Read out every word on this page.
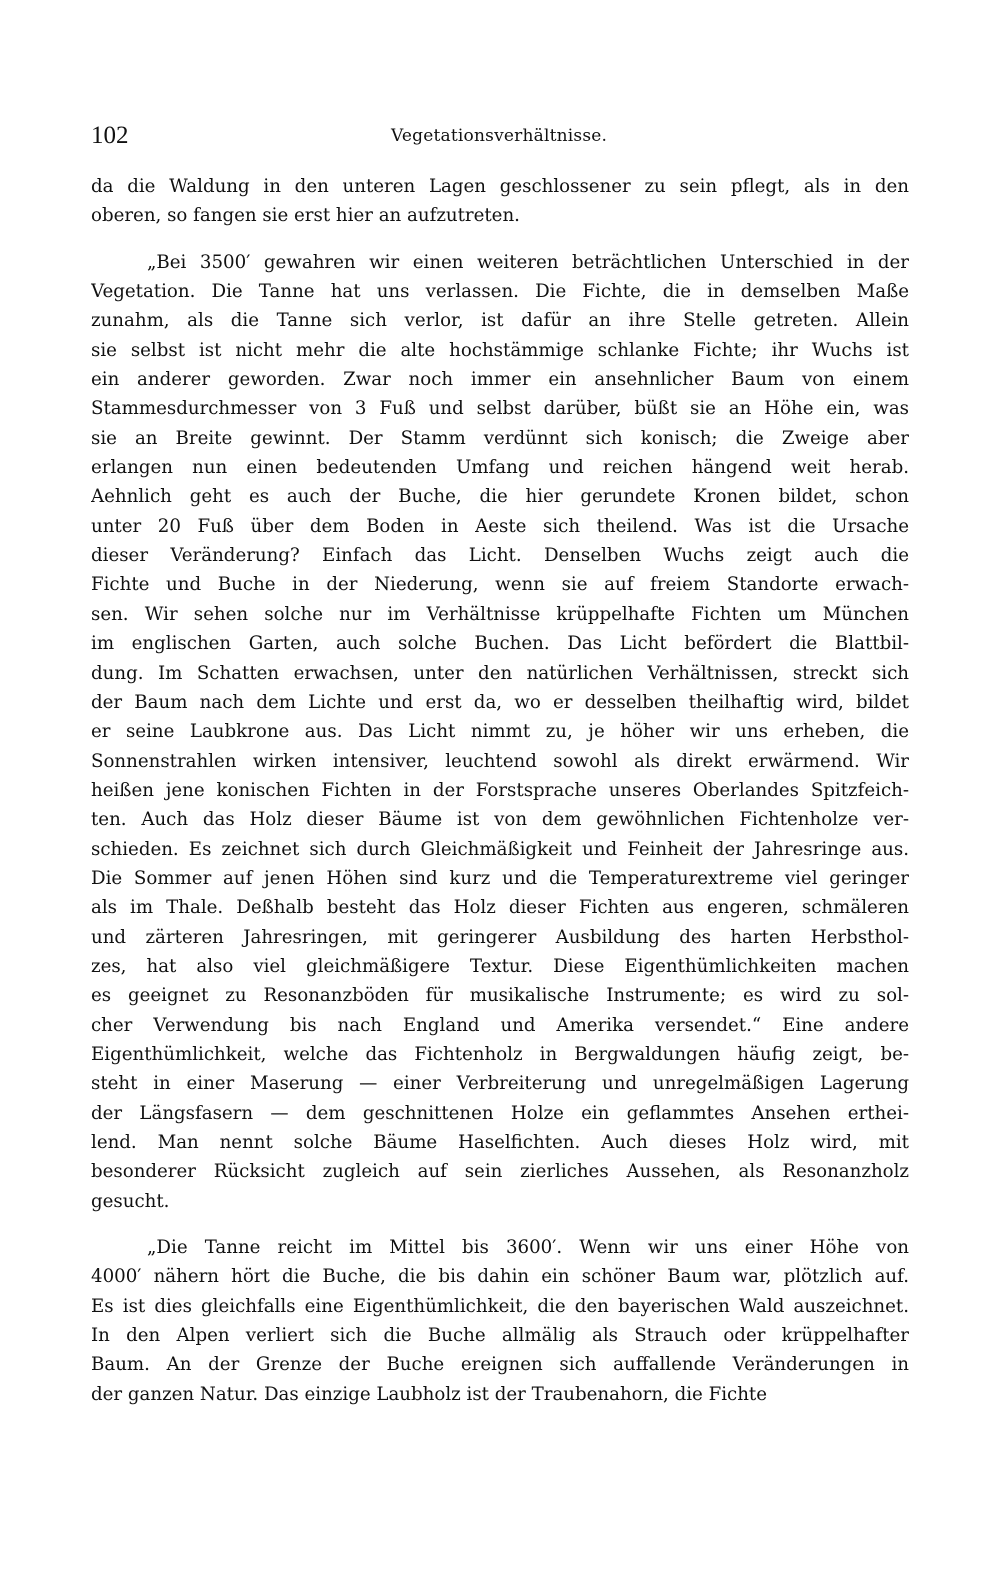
102	Vegetationsverhältnisse.
da die Waldung in den unteren Lagen geschlossener zu sein pflegt, als in den
oberen, so fangen sie erst hier an aufzutreten.
„Bei 3500′ gewahren wir einen weiteren beträchtlichen Unterschied in der
Vegetation. Die Tanne hat uns verlassen. Die Fichte, die in demselben Maße
zunahm, als die Tanne sich verlor, ist dafür an ihre Stelle getreten. Allein
sie selbst ist nicht mehr die alte hochstämmige schlanke Fichte; ihr Wuchs ist
ein anderer geworden. Zwar noch immer ein ansehnlicher Baum von einem
Stammesdurchmesser von 3 Fuß und selbst darüber, büßt sie an Höhe ein, was
sie an Breite gewinnt. Der Stamm verdünnt sich konisch; die Zweige aber
erlangen nun einen bedeutenden Umfang und reichen hängend weit herab.
Aehnlich geht es auch der Buche, die hier gerundete Kronen bildet, schon
unter 20 Fuß über dem Boden in Aeste sich theilend. Was ist die Ursache
dieser Veränderung? Einfach das Licht. Denselben Wuchs zeigt auch die
Fichte und Buche in der Niederung, wenn sie auf freiem Standorte erwach-
sen. Wir sehen solche nur im Verhältnisse krüppelhafte Fichten um München
im englischen Garten, auch solche Buchen. Das Licht befördert die Blattbil-
dung. Im Schatten erwachsen, unter den natürlichen Verhältnissen, streckt sich
der Baum nach dem Lichte und erst da, wo er desselben theilhaftig wird, bildet
er seine Laubkrone aus. Das Licht nimmt zu, je höher wir uns erheben, die
Sonnenstrahlen wirken intensiver, leuchtend sowohl als direkt erwärmend. Wir
heißen jene konischen Fichten in der Forstsprache unseres Oberlandes Spitzfeich-
ten. Auch das Holz dieser Bäume ist von dem gewöhnlichen Fichtenholze ver-
schieden. Es zeichnet sich durch Gleichmäßigkeit und Feinheit der Jahresringe aus.
Die Sommer auf jenen Höhen sind kurz und die Temperaturextreme viel geringer
als im Thale. Deßhalb besteht das Holz dieser Fichten aus engeren, schmäleren
und zärteren Jahresringen, mit geringerer Ausbildung des harten Herbsthol-
zes, hat also viel gleichmäßigere Textur. Diese Eigenthümlichkeiten machen
es geeignet zu Resonanzböden für musikalische Instrumente; es wird zu sol-
cher Verwendung bis nach England und Amerika versendet.“ Eine andere
Eigenthümlichkeit, welche das Fichtenholz in Bergwaldungen häufig zeigt, be-
steht in einer Maserung — einer Verbreiterung und unregelmäßigen Lagerung
der Längsfasern — dem geschnittenen Holze ein geflammtes Ansehen erthei-
lend. Man nennt solche Bäume Haselfichten. Auch dieses Holz wird, mit
besonderer Rücksicht zugleich auf sein zierliches Aussehen, als Resonanzholz
gesucht.
„Die Tanne reicht im Mittel bis 3600′. Wenn wir uns einer Höhe von
4000′ nähern hört die Buche, die bis dahin ein schöner Baum war, plötzlich auf.
Es ist dies gleichfalls eine Eigenthümlichkeit, die den bayerischen Wald auszeichnet.
In den Alpen verliert sich die Buche allmälig als Strauch oder krüppelhafter
Baum. An der Grenze der Buche ereignen sich auffallende Veränderungen in
der ganzen Natur. Das einzige Laubholz ist der Traubenahorn, die Fichte
